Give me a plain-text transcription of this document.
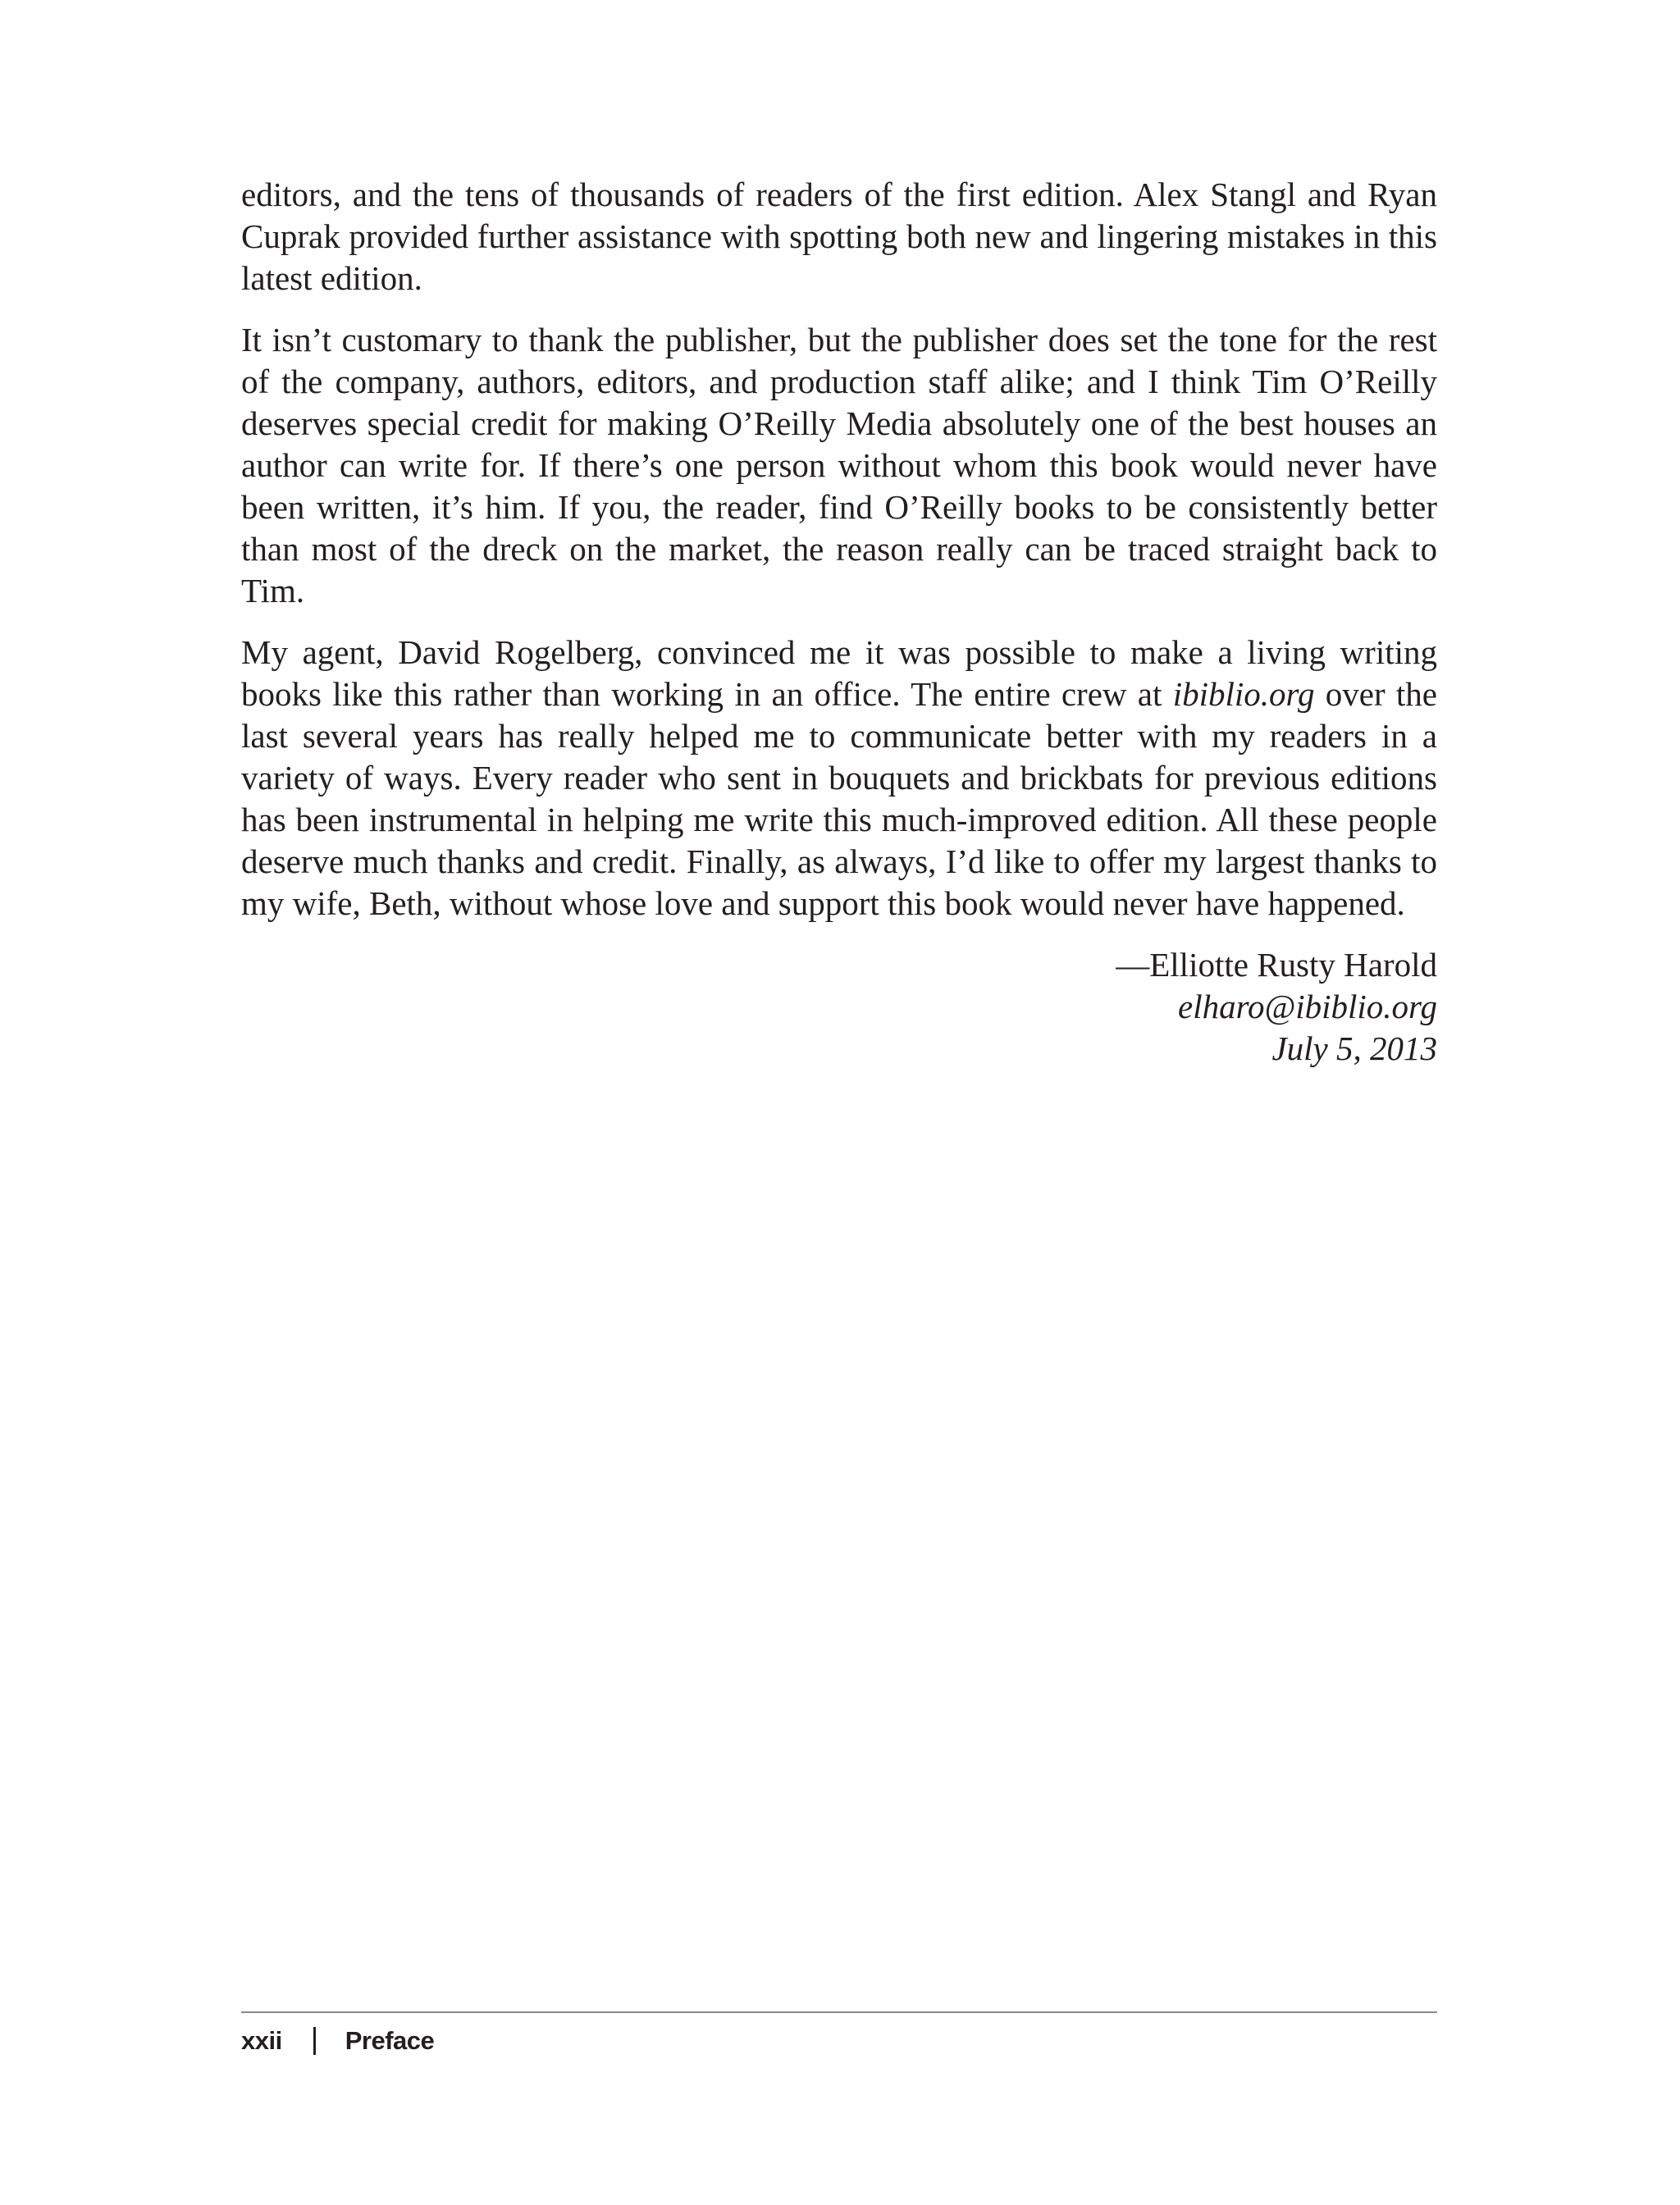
editors, and the tens of thousands of readers of the first edition. Alex Stangl and Ryan Cuprak provided further assistance with spotting both new and lingering mistakes in this latest edition.

It isn’t customary to thank the publisher, but the publisher does set the tone for the rest of the company, authors, editors, and production staff alike; and I think Tim O’Reilly deserves special credit for making O’Reilly Media absolutely one of the best houses an author can write for. If there’s one person without whom this book would never have been written, it’s him. If you, the reader, find O’Reilly books to be consistently better than most of the dreck on the market, the reason really can be traced straight back to Tim.

My agent, David Rogelberg, convinced me it was possible to make a living writing books like this rather than working in an office. The entire crew at ibiblio.org over the last several years has really helped me to communicate better with my readers in a variety of ways. Every reader who sent in bouquets and brickbats for previous editions has been instrumental in helping me write this much-improved edition. All these people deserve much thanks and credit. Finally, as always, I’d like to offer my largest thanks to my wife, Beth, without whose love and support this book would never have happened.

—Elliotte Rusty Harold
elharo@ibiblio.org
July 5, 2013
xxii Preface
